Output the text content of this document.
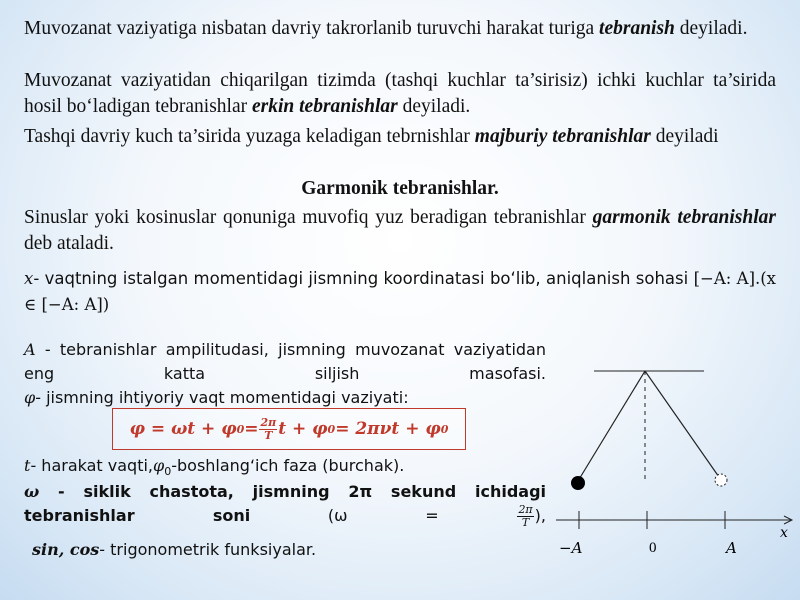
Muvozanat vaziyatiga nisbatan davriy takrorlanib turuvchi harakat turiga tebranish deyiladi.
Muvozanat vaziyatidan chiqarilgan tizimda (tashqi kuchlar ta’sirisiz) ichki kuchlar ta’sirida hosil bo‘ladigan tebranishlar erkin tebranishlar deyiladi.
Tashqi davriy kuch ta’sirida yuzaga keladigan tebrnishlar majburiy tebranishlar deyiladi
Garmonik tebranishlar.
Sinuslar yoki kosinuslar qonuniga muvofiq yuz beradigan tebranishlar garmonik tebranishlar deb ataladi.
x- vaqtning istalgan momentidagi jismning koordinatasi bo‘lib, aniqlanish sohasi [−A: A].(x ∈ [−A: A])
A - tebranishlar ampilitudasi, jismning muvozanat vaziyatidan eng katta siljish masofasi.
φ- jismning ihtiyoriy vaqt momentidagi vaziyati:
φ = ωt + φ $0 = \frac{2\pi}{T}$ t + φ 0 = 2πνt + φ 0
t- harakat $vaqti,\varphi_0-boshlang‘ich$ faza (burchak).
ω - siklik chastota, jismning 2π sekund ichidagi tebranishlar soni ($\omega = \frac{2\pi}{T}$ ),
sin, cos- trigonometrik funksiyalar.	−A	0	A
x
